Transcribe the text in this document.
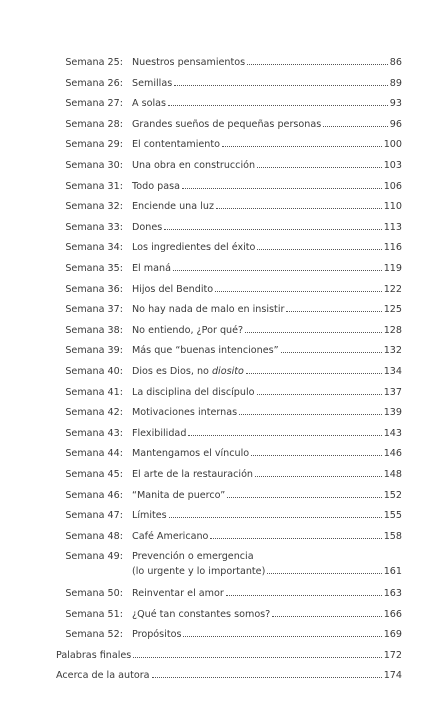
Semana 25: Nuestros pensamientos	86
Semana 26: Semillas	89
Semana 27: A solas	93
Semana 28: Grandes sueños de pequeñas personas	96
Semana 29: El contentamiento	100
Semana 30: Una obra en construcción	103
Semana 31: Todo pasa	106
Semana 32: Enciende una luz	110
Semana 33: Dones	113
Semana 34: Los ingredientes del éxito	116
Semana 35: El maná	119
Semana 36: Hijos del Bendito	122
Semana 37: No hay nada de malo en insistir	125
Semana 38: No entiendo, ¿Por qué?	128
Semana 39: Más que “buenas intenciones”	132
Semana 40: Dios es Dios, no diosito	134
Semana 41: La disciplina del discípulo	137
Semana 42: Motivaciones internas	139
Semana 43: Flexibilidad	143
Semana 44: Mantengamos el vínculo	146
Semana 45: El arte de la restauración	148
Semana 46: “Manita de puerco”	152
Semana 47: Límites	155
Semana 48: Café Americano	158
Semana 49: Prevención o emergencia
(lo urgente y lo importante)	161
Semana 50: Reinventar el amor	163
Semana 51: ¿Qué tan constantes somos?	166
Semana 52: Propósitos	169
Palabras finales	172
Acerca de la autora	174
